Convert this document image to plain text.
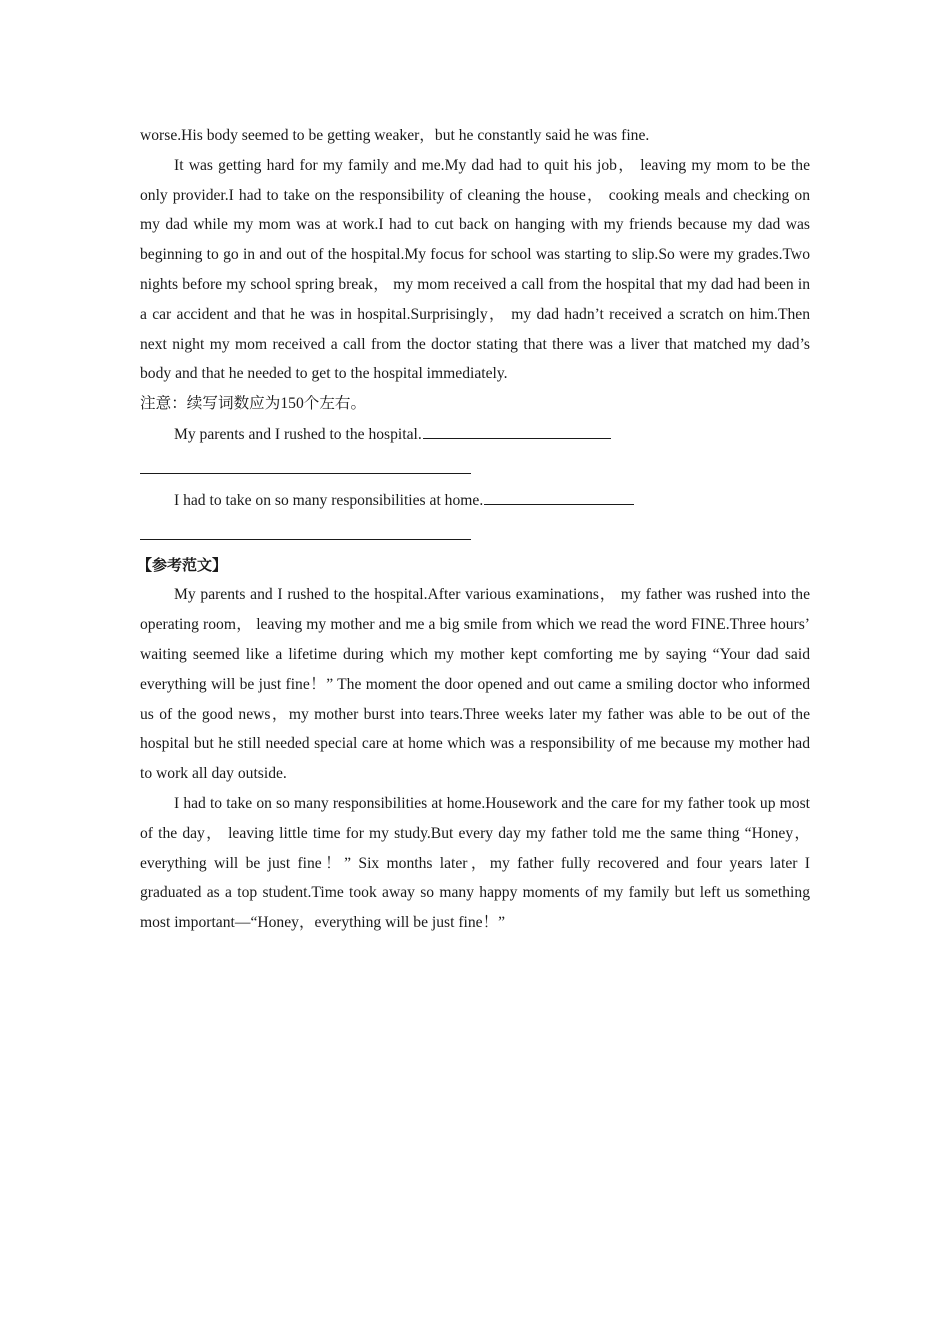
worse.His body seemed to be getting weaker，but he constantly said he was fine.

It was getting hard for my family and me.My dad had to quit his job， leaving my mom to be the only provider.I had to take on the responsibility of cleaning the house， cooking meals and checking on my dad while my mom was at work.I had to cut back on hanging with my friends because my dad was beginning to go in and out of the hospital.My focus for school was starting to slip.So were my grades.Two nights before my school spring break， my mom received a call from the hospital that my dad had been in a car accident and that he was in hospital.Surprisingly， my dad hadn’t received a scratch on him.Then next night my mom received a call from the doctor stating that there was a liver that matched my dad’s body and that he needed to get to the hospital immediately.

注意：续写词数应为150个左右。

My parents and I rushed to the hospital.

I had to take on so many responsibilities at home.

【参考范文】

My parents and I rushed to the hospital.After various examinations， my father was rushed into the operating room， leaving my mother and me a big smile from which we read the word FINE.Three hours’ waiting seemed like a lifetime during which my mother kept comforting me by saying “Your dad said everything will be just fine！” The moment the door opened and out came a smiling doctor who informed us of the good news，my mother burst into tears.Three weeks later my father was able to be out of the hospital but he still needed special care at home which was a responsibility of me because my mother had to work all day outside.

I had to take on so many responsibilities at home.Housework and the care for my father took up most of the day， leaving little time for my study.But every day my father told me the same thing “Honey，everything will be just fine！” Six months later，my father fully recovered and four years later I graduated as a top student.Time took away so many happy moments of my family but left us something most important—“Honey，everything will be just fine！”
